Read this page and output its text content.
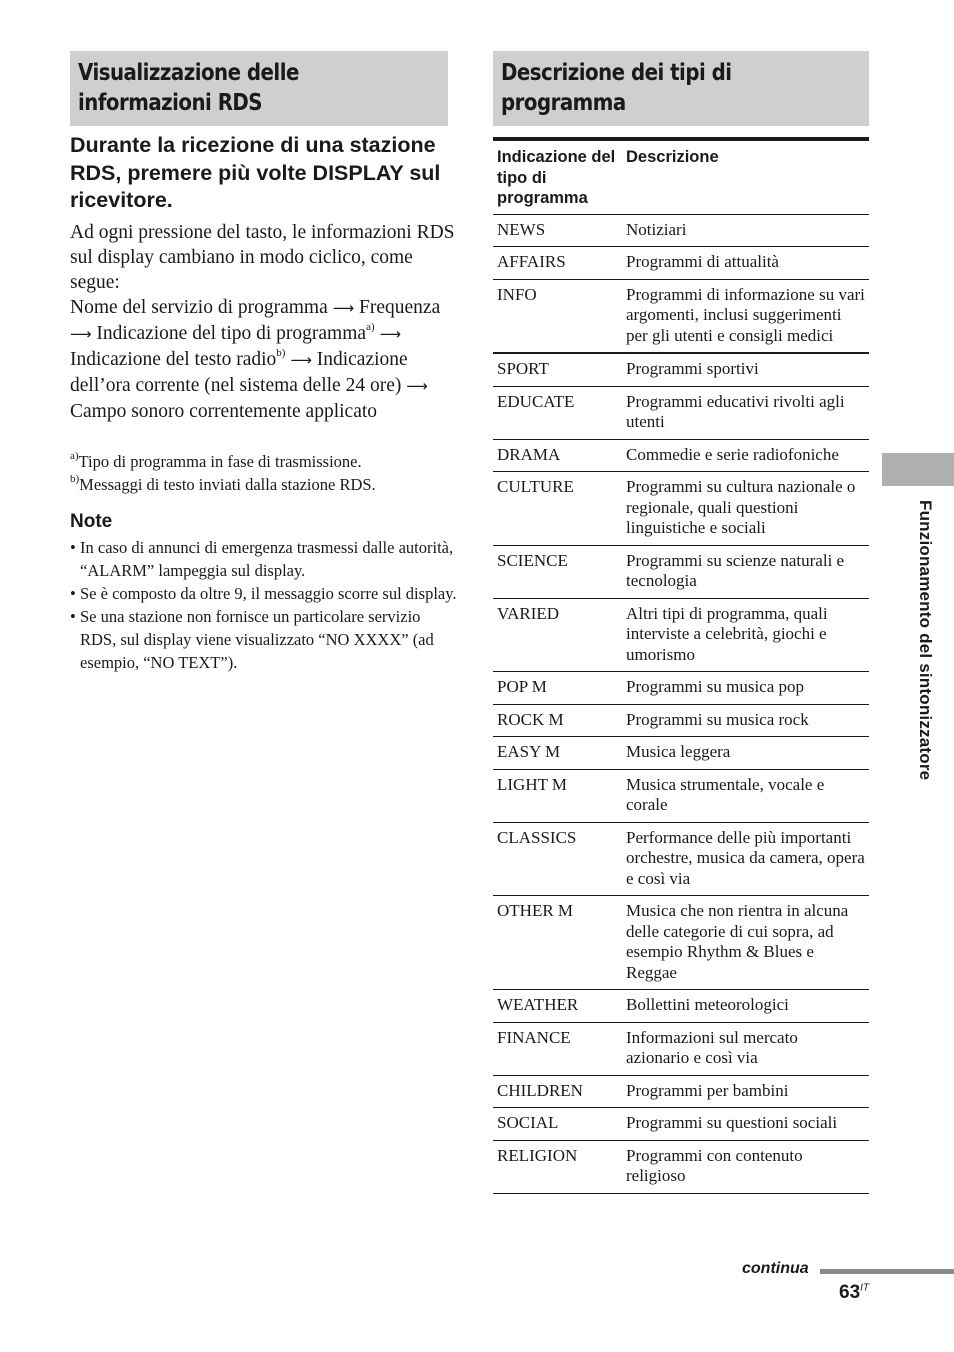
Visualizzazione delle
informazioni RDS
Durante la ricezione di una stazione RDS, premere più volte DISPLAY sul ricevitore.
Ad ogni pressione del tasto, le informazioni RDS sul display cambiano in modo ciclico, come segue:
Nome del servizio di programma ⟶ Frequenza ⟶ Indicazione del tipo di programma$^{a)}$ ⟶ Indicazione del testo radio$^{b)}$ ⟶ Indicazione dell’ora corrente (nel sistema delle 24 ore) ⟶ Campo sonoro correntemente applicato
$^{a)}$Tipo di programma in fase di trasmissione.
$^{b)}$Messaggi di testo inviati dalla stazione RDS.
Note
• In caso di annunci di emergenza trasmessi dalle autorità, “ALARM” lampeggia sul display.
• Se è composto da oltre 9, il messaggio scorre sul display.
• Se una stazione non fornisce un particolare servizio RDS, sul display viene visualizzato “NO XXXX” (ad esempio, “NO TEXT”).
Descrizione dei tipi di
programma
Indicazione del tipo di programma	Descrizione
NEWS	Notiziari
AFFAIRS	Programmi di attualità
INFO	Programmi di informazione su vari argomenti, inclusi suggerimenti per gli utenti e consigli medici
SPORT	Programmi sportivi
EDUCATE	Programmi educativi rivolti agli utenti
DRAMA	Commedie e serie radiofoniche
CULTURE	Programmi su cultura nazionale o regionale, quali questioni linguistiche e sociali
SCIENCE	Programmi su scienze naturali e tecnologia
VARIED	Altri tipi di programma, quali interviste a celebrità, giochi e umorismo
POP M	Programmi su musica pop
ROCK M	Programmi su musica rock
EASY M	Musica leggera
LIGHT M	Musica strumentale, vocale e corale
CLASSICS	Performance delle più importanti orchestre, musica da camera, opera e così via
OTHER M	Musica che non rientra in alcuna delle categorie di cui sopra, ad esempio Rhythm & Blues e Reggae
WEATHER	Bollettini meteorologici
FINANCE	Informazioni sul mercato azionario e così via
CHILDREN	Programmi per bambini
SOCIAL	Programmi su questioni sociali
RELIGION	Programmi con contenuto religioso
Funzionamento del sintonizzatore
continua
$63^{IT}$
